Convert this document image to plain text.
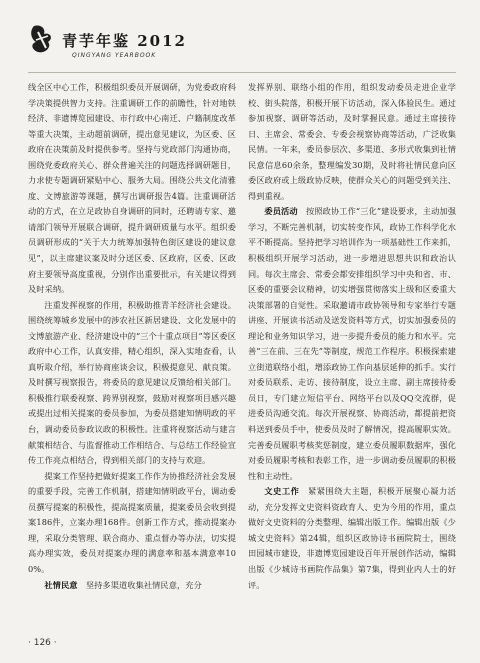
青芋年鉴 2012
QINGYANG YEARBOOK

线全区中心工作，积极组织委员开展调研，为党委政府科学决策提供智力支持。注重调研工作的前瞻性，针对地铁经济、非遗博览园建设、市行政中心南迁、户籍制度改革等重大决策，主动超前调研，提出意见建议，为区委、区政府在决策前及时提供参考。坚持与党政部门沟通协商，围绕党委政府关心、群众普遍关注的问题选择调研题目，力求使专题调研紧贴中心、服务大局。围绕公共文化清雅度、文博旅游等课题，撰写出调研报告4篇。注重调研活动的方式，在立足政协自身调研的同时，还聘请专家、邀请部门领导开展联合调研，提升调研质量与水平。组织委员调研形成的“关于大力统筹加强特色街区建设的建议意见”，以主席建议案及时分送区委、区政府，区委、区政府主要领导高度重视，分别作出重要批示，有关建议得到及时采纳。

注重发挥视察的作用，积极助推青羊经济社会建设。围绕统筹城乡发展中的涉农社区新居建设、文化发展中的文博旅游产业、经济建设中的“三个十重点项目”等区委区政府中心工作，认真安排，精心组织，深入实地查看，认真听取介绍，举行协商座谈会议，积极提意见、献良策。及时撰写视察报告，将委员的意见建议反馈给相关部门。积极推行联委视察、跨界别视察，鼓励对视察项目感兴趣或提出过相关提案的委员参加，为委员搭建知情明政的平台，调动委员参政议政的积极性。注重将视察活动与建言献策相结合、与监督推动工作相结合、与总结工作经验宣传工作亮点相结合，得到相关部门的支持与欢迎。

提案工作坚持把做好提案工作作为协推经济社会发展的重要手段，完善工作机制，搭建知情明政平台，调动委员撰写提案的积极性，提高提案质量，提案委员会收到提案186件，立案办理168件。创新工作方式，推动提案办理，采取分类管理、联合商办、重点督办等办法，切实提高办理实效，委员对提案办理的满意率和基本满意率100%。

社情民意　 坚持多渠道收集社情民意，充分

发挥界别、联络小组的作用，组织发动委员走进企业学校、街头院落，积极开展下访活动，深入体验民生。通过参加视察、调研等活动，及时掌握民意。通过主席接待日、主席会、常委会、专委会视察协商等活动，广泛收集民情。一年来，委员参层次、多渠道、多形式收集到社情民意信息60余条，整理编发30期，及时将社情民意向区委区政府或上级政协反映，使群众关心的问题受到关注、得到重视。

委员活动　 按照政协工作“三化”建设要求，主动加强学习，不断完善机制，切实转变作风，政协工作科学化水平不断提高。坚持把学习培训作为一项基础性工作来抓，积极组织开展学习活动，进一步增进思想共识和政治认同。每次主席会、常委会都安排组织学习中央和省、市、区委的重要会议精神，切实增强贯彻落实上级和区委重大决策部署的自觉性。采取邀请市政协领导和专家举行专题讲座、开展读书活动及送发资料等方式，切实加强委员的理论和业务知识学习，进一步提升委员的能力和水平。完善“三在前、三在先”等制度，规范工作程序。积极探索建立街道联络小组，增添政协工作向基层延伸的抓手。实行对委员联系、走访、接待制度，设立主席、副主席接待委员日，专门建立短信平台、网络平台以及QQ交流群，促进委员沟通交流。每次开展视察、协商活动，都提前把资料送到委员手中，使委员及时了解情况，提高履职实效。完善委员履职考核奖惩制度，建立委员履职数据库，强化对委员履职考核和表彰工作，进一步调动委员履职的积极性和主动性。

文史工作　 紧紧围绕大主题，积极开展聚心凝力活动，充分发挥文史资料资政育人、史为今用的作用，重点做好文史资料的分类整理、编辑出版工作。编辑出版《少城文史资料》第24辑，组织区政协诗书画院院士，围绕田园城市建设，非遗博览园建设百年开展创作活动，编辑出版《少城诗书画院作品集》第7集，得到业内人士的好评。

· 126 ·
